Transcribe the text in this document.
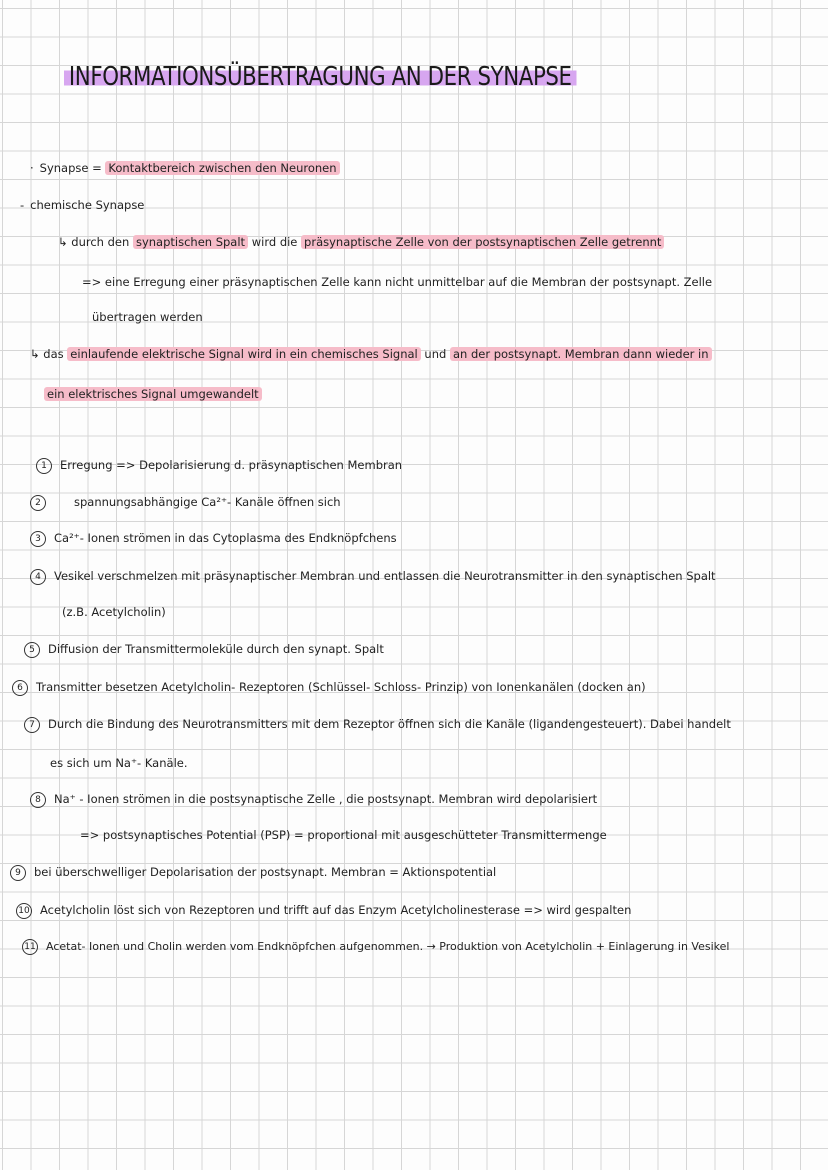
INFORMATIONSÜBERTRAGUNG AN DER SYNAPSE
· Synapse = Kontaktbereich zwischen den Neuronen
- chemische Synapse
↳ durch den synaptischen Spalt wird die präsynaptische Zelle von der postsynaptischen Zelle getrennt
=> eine Erregung einer präsynaptischen Zelle kann nicht unmittelbar auf die Membran der postsynapt. Zelle
übertragen werden
↳ das einlaufende elektrische Signal wird in ein chemisches Signal und an der postsynapt. Membran dann wieder in
ein elektrisches Signal umgewandelt
1 Erregung => Depolarisierung d. präsynaptischen Membran
2	spannungsabhängige Ca²⁺- Kanäle öffnen sich
3 Ca²⁺- Ionen strömen in das Cytoplasma des Endknöpfchens
4 Vesikel verschmelzen mit präsynaptischer Membran und entlassen die Neurotransmitter in den synaptischen Spalt
(z.B. Acetylcholin)
5 Diffusion der Transmittermoleküle durch den synapt. Spalt
6 Transmitter besetzen Acetylcholin- Rezeptoren (Schlüssel- Schloss- Prinzip) von Ionenkanälen (docken an)
7 Durch die Bindung des Neurotransmitters mit dem Rezeptor öffnen sich die Kanäle (ligandengesteuert). Dabei handelt
es sich um Na⁺- Kanäle.
8 Na⁺ - Ionen strömen in die postsynaptische Zelle , die postsynapt. Membran wird depolarisiert
=> postsynaptisches Potential (PSP) = proportional mit ausgeschütteter Transmittermenge
9 bei überschwelliger Depolarisation der postsynapt. Membran = Aktionspotential
10 Acetylcholin löst sich von Rezeptoren und trifft auf das Enzym Acetylcholinesterase => wird gespalten
11 Acetat- Ionen und Cholin werden vom Endknöpfchen aufgenommen. → Produktion von Acetylcholin + Einlagerung in Vesikel
